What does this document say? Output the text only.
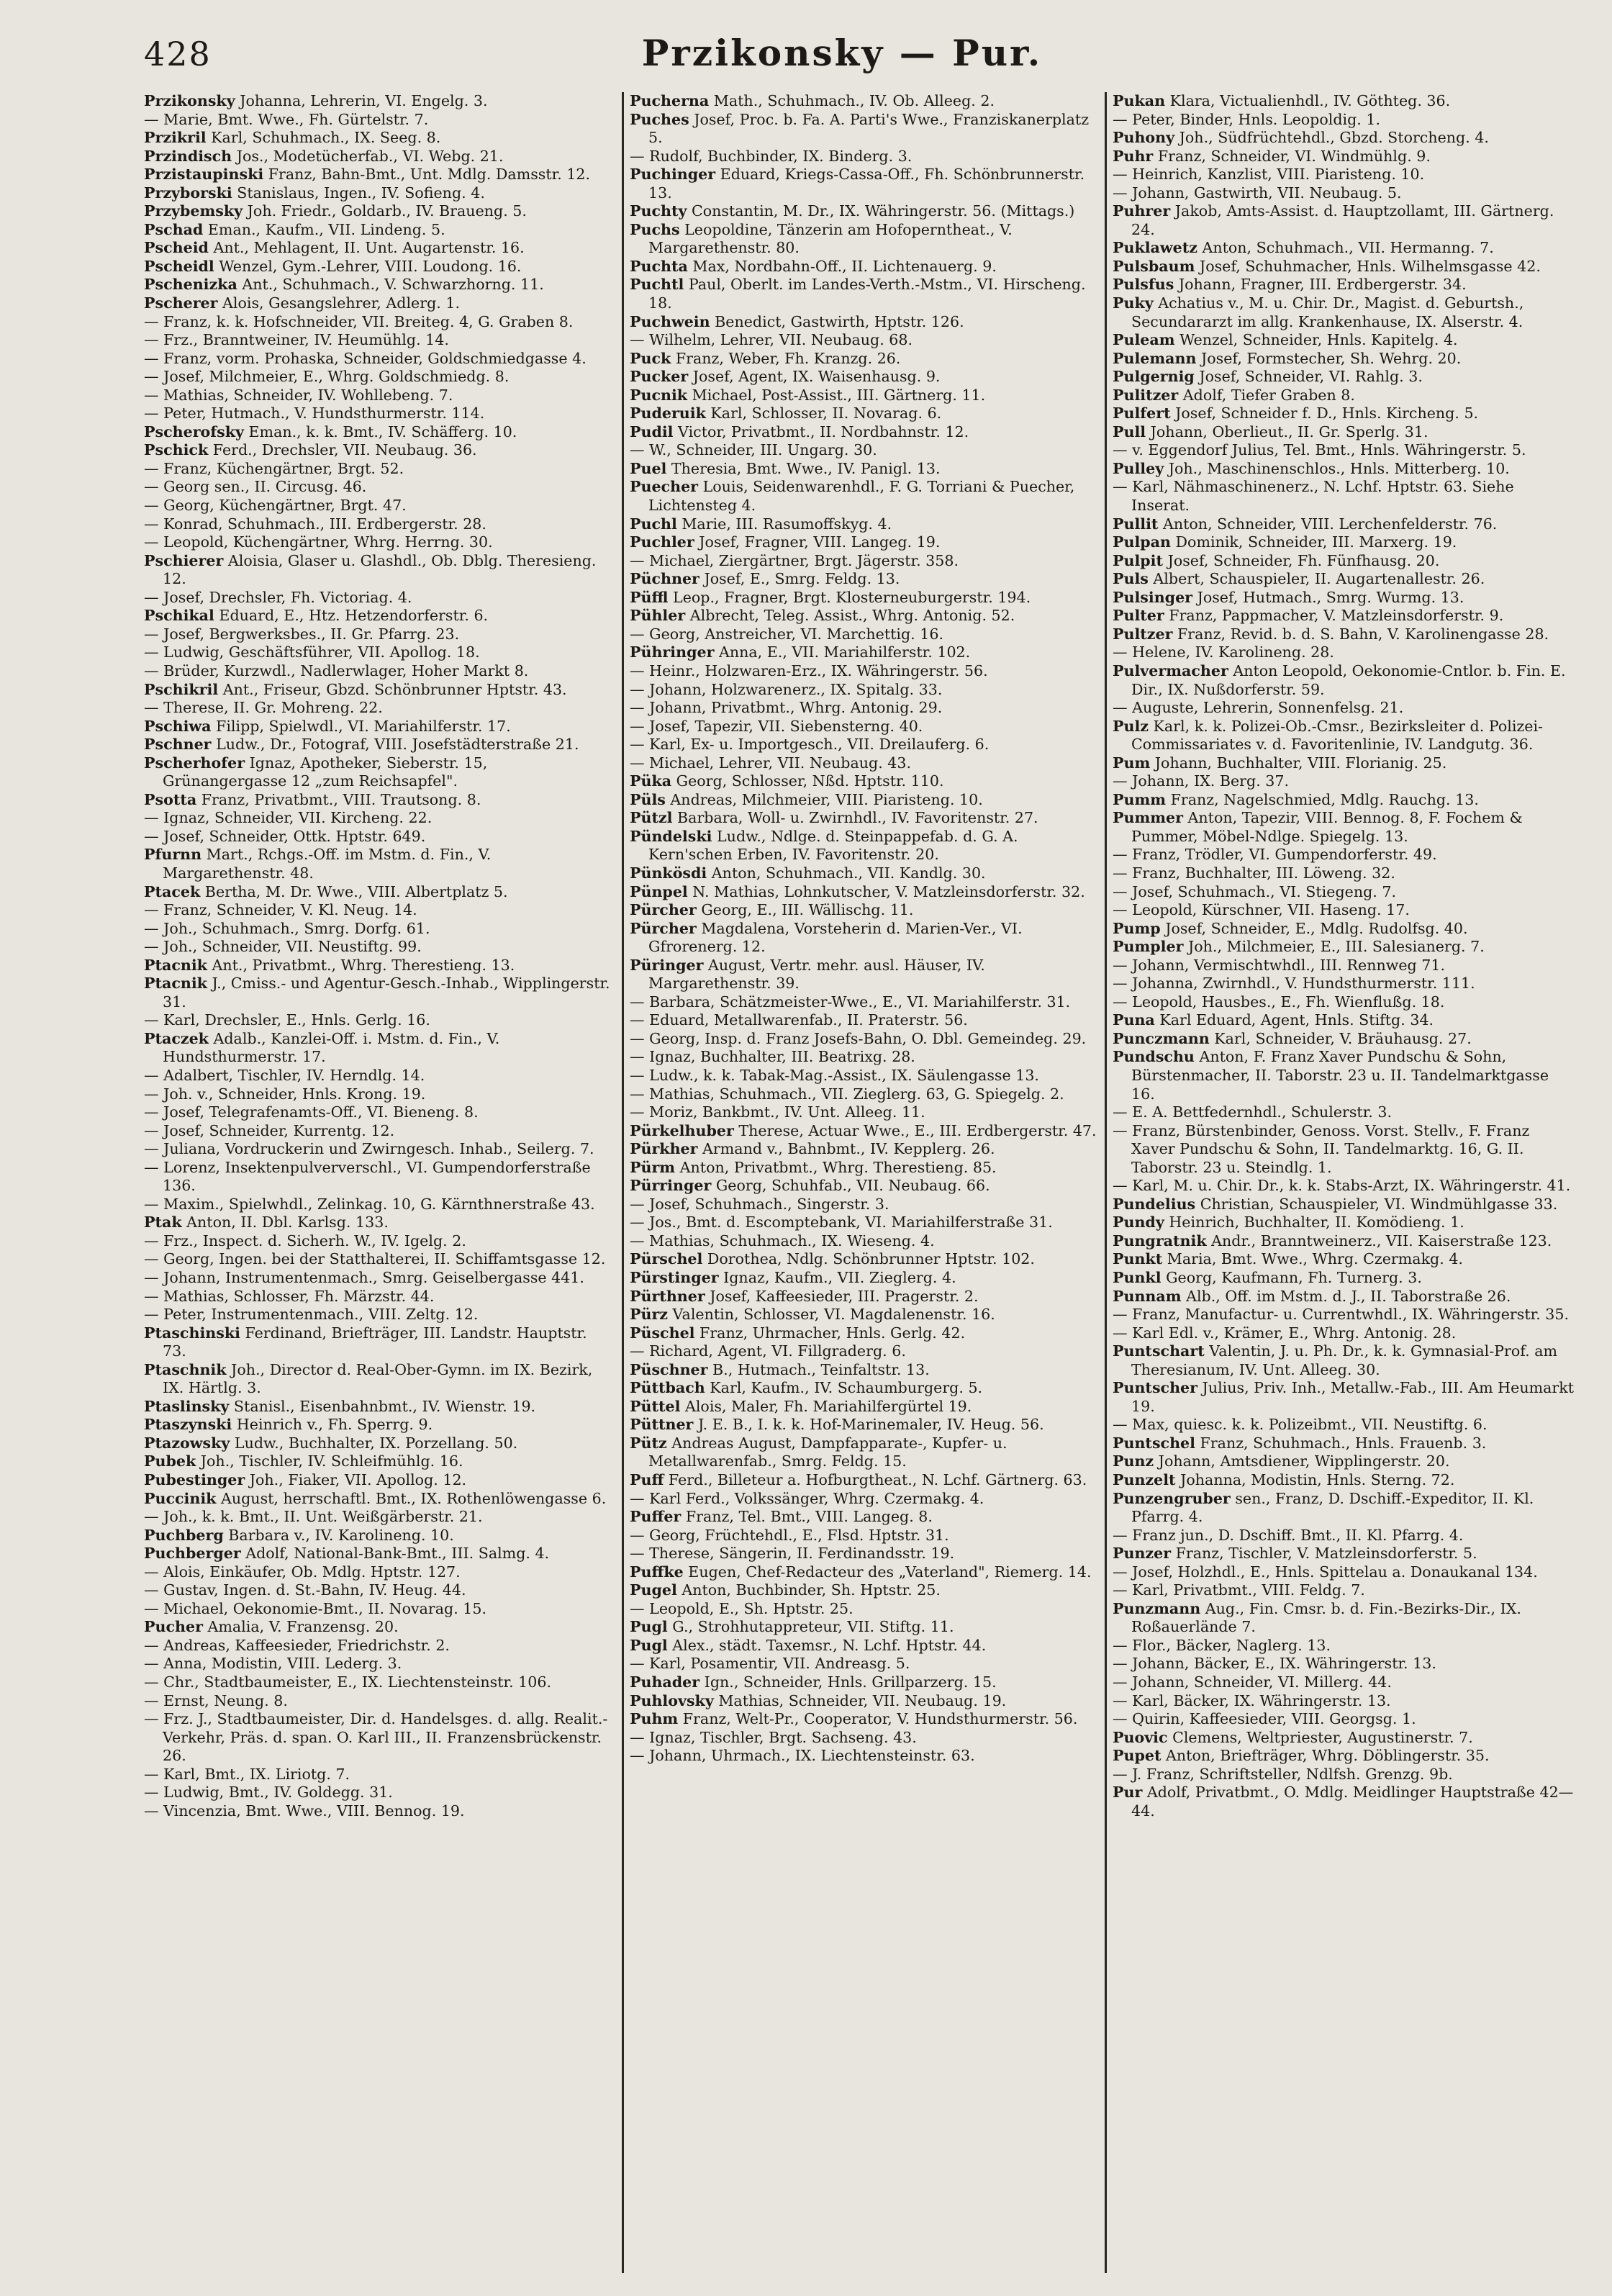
428	Przikonsky — Pur.

Przikonsky Johanna, Lehrerin, VI. Engelg. 3.

— Marie, Bmt. Wwe., Fh. Gürtelstr. 7.

Przikril Karl, Schuhmach., IX. Seeg. 8.

Przindisch Jos., Modetücherfab., VI. Webg. 21.

Przistaupinski Franz, Bahn-Bmt., Unt. Mdlg. Damsstr. 12.

Przyborski Stanislaus, Ingen., IV. Sofieng. 4.

Przybemsky Joh. Friedr., Goldarb., IV. Braueng. 5.

Pschad Eman., Kaufm., VII. Lindeng. 5.

Pscheid Ant., Mehlagent, II. Unt. Augartenstr. 16.

Pscheidl Wenzel, Gym.-Lehrer, VIII. Loudong. 16.

Pschenizka Ant., Schuhmach., V. Schwarzhorng. 11.

Pscherer Alois, Gesangslehrer, Adlerg. 1.

— Franz, k. k. Hofschneider, VII. Breiteg. 4, G. Graben 8.

— Frz., Branntweiner, IV. Heumühlg. 14.

— Franz, vorm. Prohaska, Schneider, Goldschmiedgasse 4.

— Josef, Milchmeier, E., Whrg. Goldschmiedg. 8.

— Mathias, Schneider, IV. Wohllebeng. 7.

— Peter, Hutmach., V. Hundsthurmerstr. 114.

Pscherofsky Eman., k. k. Bmt., IV. Schäfferg. 10.

Pschick Ferd., Drechsler, VII. Neubaug. 36.

— Franz, Küchengärtner, Brgt. 52.

— Georg sen., II. Circusg. 46.

— Georg, Küchengärtner, Brgt. 47.

— Konrad, Schuhmach., III. Erdbergerstr. 28.

— Leopold, Küchengärtner, Whrg. Herrng. 30.

Pschierer Aloisia, Glaser u. Glashdl., Ob. Dblg. Theresieng. 12.

— Josef, Drechsler, Fh. Victoriag. 4.

Pschikal Eduard, E., Htz. Hetzendorferstr. 6.

— Josef, Bergwerksbes., II. Gr. Pfarrg. 23.

— Ludwig, Geschäftsführer, VII. Apollog. 18.

— Brüder, Kurzwdl., Nadlerwlager, Hoher Markt 8.

Pschikril Ant., Friseur, Gbzd. Schönbrunner Hptstr. 43.

— Therese, II. Gr. Mohreng. 22.

Pschiwa Filipp, Spielwdl., VI. Mariahilferstr. 17.

Pschner Ludw., Dr., Fotograf, VIII. Josefstädterstraße 21.

Pscherhofer Ignaz, Apotheker, Sieberstr. 15, Grünangergasse 12 „zum Reichsapfel".

Psotta Franz, Privatbmt., VIII. Trautsong. 8.

— Ignaz, Schneider, VII. Kircheng. 22.

— Josef, Schneider, Ottk. Hptstr. 649.

Pfurnn Mart., Rchgs.-Off. im Mstm. d. Fin., V. Margarethenstr. 48.

Ptacek Bertha, M. Dr. Wwe., VIII. Albertplatz 5.

— Franz, Schneider, V. Kl. Neug. 14.

— Joh., Schuhmach., Smrg. Dorfg. 61.

— Joh., Schneider, VII. Neustiftg. 99.

Ptacnik Ant., Privatbmt., Whrg. Therestieng. 13.

Ptacnik J., Cmiss.- und Agentur-Gesch.-Inhab., Wipplingerstr. 31.

— Karl, Drechsler, E., Hnls. Gerlg. 16.

Ptaczek Adalb., Kanzlei-Off. i. Mstm. d. Fin., V. Hundsthurmerstr. 17.

— Adalbert, Tischler, IV. Herndlg. 14.

— Joh. v., Schneider, Hnls. Krong. 19.

— Josef, Telegrafenamts-Off., VI. Bieneng. 8.

— Josef, Schneider, Kurrentg. 12.

— Juliana, Vordruckerin und Zwirngesch. Inhab., Seilerg. 7.

— Lorenz, Insektenpulververschl., VI. Gumpendorferstraße 136.

— Maxim., Spielwhdl., Zelinkag. 10, G. Kärnthnerstraße 43.

Ptak Anton, II. Dbl. Karlsg. 133.

— Frz., Inspect. d. Sicherh. W., IV. Igelg. 2.

— Georg, Ingen. bei der Statthalterei, II. Schiffamtsgasse 12.

— Johann, Instrumentenmach., Smrg. Geiselbergasse 441.

— Mathias, Schlosser, Fh. Märzstr. 44.

— Peter, Instrumentenmach., VIII. Zeltg. 12.

Ptaschinski Ferdinand, Briefträger, III. Landstr. Hauptstr. 73.

Ptaschnik Joh., Director d. Real-Ober-Gymn. im IX. Bezirk, IX. Härtlg. 3.

Ptaslinsky Stanisl., Eisenbahnbmt., IV. Wienstr. 19.

Ptaszynski Heinrich v., Fh. Sperrg. 9.

Ptazowsky Ludw., Buchhalter, IX. Porzellang. 50.

Pubek Joh., Tischler, IV. Schleifmühlg. 16.

Pubestinger Joh., Fiaker, VII. Apollog. 12.

Puccinik August, herrschaftl. Bmt., IX. Rothenlöwengasse 6.

— Joh., k. k. Bmt., II. Unt. Weißgärberstr. 21.

Puchberg Barbara v., IV. Karolineng. 10.

Puchberger Adolf, National-Bank-Bmt., III. Salmg. 4.

— Alois, Einkäufer, Ob. Mdlg. Hptstr. 127.

— Gustav, Ingen. d. St.-Bahn, IV. Heug. 44.

— Michael, Oekonomie-Bmt., II. Novarag. 15.

Pucher Amalia, V. Franzensg. 20.

— Andreas, Kaffeesieder, Friedrichstr. 2.

— Anna, Modistin, VIII. Lederg. 3.

— Chr., Stadtbaumeister, E., IX. Liechtensteinstr. 106.

— Ernst, Neung. 8.

— Frz. J., Stadtbaumeister, Dir. d. Handelsges. d. allg. Realit.-Verkehr, Präs. d. span. O. Karl III., II. Franzensbrückenstr. 26.

— Karl, Bmt., IX. Liriotg. 7.

— Ludwig, Bmt., IV. Goldegg. 31.

— Vincenzia, Bmt. Wwe., VIII. Bennog. 19.

Pucherna Math., Schuhmach., IV. Ob. Alleeg. 2.

Puches Josef, Proc. b. Fa. A. Parti's Wwe., Franziskanerplatz 5.

— Rudolf, Buchbinder, IX. Binderg. 3.

Puchinger Eduard, Kriegs-Cassa-Off., Fh. Schönbrunnerstr. 13.

Puchty Constantin, M. Dr., IX. Währingerstr. 56. (Mittags.)

Puchs Leopoldine, Tänzerin am Hofoperntheat., V. Margarethenstr. 80.

Puchta Max, Nordbahn-Off., II. Lichtenauerg. 9.

Puchtl Paul, Oberlt. im Landes-Verth.-Mstm., VI. Hirscheng. 18.

Puchwein Benedict, Gastwirth, Hptstr. 126.

— Wilhelm, Lehrer, VII. Neubaug. 68.

Puck Franz, Weber, Fh. Kranzg. 26.

Pucker Josef, Agent, IX. Waisenhausg. 9.

Pucnik Michael, Post-Assist., III. Gärtnerg. 11.

Puderuik Karl, Schlosser, II. Novarag. 6.

Pudil Victor, Privatbmt., II. Nordbahnstr. 12.

— W., Schneider, III. Ungarg. 30.

Puel Theresia, Bmt. Wwe., IV. Panigl. 13.

Puecher Louis, Seidenwarenhdl., F. G. Torriani & Puecher, Lichtensteg 4.

Puchl Marie, III. Rasumoffskyg. 4.

Puchler Josef, Fragner, VIII. Langeg. 19.

— Michael, Ziergärtner, Brgt. Jägerstr. 358.

Püchner Josef, E., Smrg. Feldg. 13.

Püffl Leop., Fragner, Brgt. Klosterneuburgerstr. 194.

Pühler Albrecht, Teleg. Assist., Whrg. Antonig. 52.

— Georg, Anstreicher, VI. Marchettig. 16.

Pühringer Anna, E., VII. Mariahilferstr. 102.

— Heinr., Holzwaren-Erz., IX. Währingerstr. 56.

— Johann, Holzwarenerz., IX. Spitalg. 33.

— Johann, Privatbmt., Whrg. Antonig. 29.

— Josef, Tapezir, VII. Siebensterng. 40.

— Karl, Ex- u. Importgesch., VII. Dreilauferg. 6.

— Michael, Lehrer, VII. Neubaug. 43.

Püka Georg, Schlosser, Nßd. Hptstr. 110.

Püls Andreas, Milchmeier, VIII. Piaristeng. 10.

Pützl Barbara, Woll- u. Zwirnhdl., IV. Favoritenstr. 27.

Pündelski Ludw., Ndlge. d. Steinpappefab. d. G. A. Kern'schen Erben, IV. Favoritenstr. 20.

Pünkösdi Anton, Schuhmach., VII. Kandlg. 30.

Pünpel N. Mathias, Lohnkutscher, V. Matzleinsdorferstr. 32.

Pürcher Georg, E., III. Wällischg. 11.

Pürcher Magdalena, Vorsteherin d. Marien-Ver., VI. Gfrorenerg. 12.

Püringer August, Vertr. mehr. ausl. Häuser, IV. Margarethenstr. 39.

— Barbara, Schätzmeister-Wwe., E., VI. Mariahilferstr. 31.

— Eduard, Metallwarenfab., II. Praterstr. 56.

— Georg, Insp. d. Franz Josefs-Bahn, O. Dbl. Gemeindeg. 29.

— Ignaz, Buchhalter, III. Beatrixg. 28.

— Ludw., k. k. Tabak-Mag.-Assist., IX. Säulengasse 13.

— Mathias, Schuhmach., VII. Zieglerg. 63, G. Spiegelg. 2.

— Moriz, Bankbmt., IV. Unt. Alleeg. 11.

Pürkelhuber Therese, Actuar Wwe., E., III. Erdbergerstr. 47.

Pürkher Armand v., Bahnbmt., IV. Kepplerg. 26.

Pürm Anton, Privatbmt., Whrg. Therestieng. 85.

Pürringer Georg, Schuhfab., VII. Neubaug. 66.

— Josef, Schuhmach., Singerstr. 3.

— Jos., Bmt. d. Escomptebank, VI. Mariahilferstraße 31.

— Mathias, Schuhmach., IX. Wieseng. 4.

Pürschel Dorothea, Ndlg. Schönbrunner Hptstr. 102.

Pürstinger Ignaz, Kaufm., VII. Zieglerg. 4.

Pürthner Josef, Kaffeesieder, III. Pragerstr. 2.

Pürz Valentin, Schlosser, VI. Magdalenenstr. 16.

Püschel Franz, Uhrmacher, Hnls. Gerlg. 42.

— Richard, Agent, VI. Fillgraderg. 6.

Püschner B., Hutmach., Teinfaltstr. 13.

Püttbach Karl, Kaufm., IV. Schaumburgerg. 5.

Püttel Alois, Maler, Fh. Mariahilfergürtel 19.

Püttner J. E. B., I. k. k. Hof-Marinemaler, IV. Heug. 56.

Pütz Andreas August, Dampfapparate-, Kupfer- u. Metallwarenfab., Smrg. Feldg. 15.

Puff Ferd., Billeteur a. Hofburgtheat., N. Lchf. Gärtnerg. 63.

— Karl Ferd., Volkssänger, Whrg. Czermakg. 4.

Puffer Franz, Tel. Bmt., VIII. Langeg. 8.

— Georg, Früchtehdl., E., Flsd. Hptstr. 31.

— Therese, Sängerin, II. Ferdinandsstr. 19.

Puffke Eugen, Chef-Redacteur des „Vaterland", Riemerg. 14.

Pugel Anton, Buchbinder, Sh. Hptstr. 25.

— Leopold, E., Sh. Hptstr. 25.

Pugl G., Strohhutappreteur, VII. Stiftg. 11.

Pugl Alex., städt. Taxemsr., N. Lchf. Hptstr. 44.

— Karl, Posamentir, VII. Andreasg. 5.

Puhader Ign., Schneider, Hnls. Grillparzerg. 15.

Puhlovsky Mathias, Schneider, VII. Neubaug. 19.

Puhm Franz, Welt-Pr., Cooperator, V. Hundsthurmerstr. 56.

— Ignaz, Tischler, Brgt. Sachseng. 43.

— Johann, Uhrmach., IX. Liechtensteinstr. 63.

Pukan Klara, Victualienhdl., IV. Göthteg. 36.

— Peter, Binder, Hnls. Leopoldig. 1.

Puhony Joh., Südfrüchtehdl., Gbzd. Storcheng. 4.

Puhr Franz, Schneider, VI. Windmühlg. 9.

— Heinrich, Kanzlist, VIII. Piaristeng. 10.

— Johann, Gastwirth, VII. Neubaug. 5.

Puhrer Jakob, Amts-Assist. d. Hauptzollamt, III. Gärtnerg. 24.

Puklawetz Anton, Schuhmach., VII. Hermanng. 7.

Pulsbaum Josef, Schuhmacher, Hnls. Wilhelmsgasse 42.

Pulsfus Johann, Fragner, III. Erdbergerstr. 34.

Puky Achatius v., M. u. Chir. Dr., Magist. d. Geburtsh., Secundararzt im allg. Krankenhause, IX. Alserstr. 4.

Puleam Wenzel, Schneider, Hnls. Kapitelg. 4.

Pulemann Josef, Formstecher, Sh. Wehrg. 20.

Pulgernig Josef, Schneider, VI. Rahlg. 3.

Pulitzer Adolf, Tiefer Graben 8.

Pulfert Josef, Schneider f. D., Hnls. Kircheng. 5.

Pull Johann, Oberlieut., II. Gr. Sperlg. 31.

— v. Eggendorf Julius, Tel. Bmt., Hnls. Währingerstr. 5.

Pulley Joh., Maschinenschlos., Hnls. Mitterberg. 10.

— Karl, Nähmaschinenerz., N. Lchf. Hptstr. 63. Siehe Inserat.

Pullit Anton, Schneider, VIII. Lerchenfelderstr. 76.

Pulpan Dominik, Schneider, III. Marxerg. 19.

Pulpit Josef, Schneider, Fh. Fünfhausg. 20.

Puls Albert, Schauspieler, II. Augartenallestr. 26.

Pulsinger Josef, Hutmach., Smrg. Wurmg. 13.

Pulter Franz, Pappmacher, V. Matzleinsdorferstr. 9.

Pultzer Franz, Revid. b. d. S. Bahn, V. Karolinengasse 28.

— Helene, IV. Karolineng. 28.

Pulvermacher Anton Leopold, Oekonomie-Cntlor. b. Fin. E. Dir., IX. Nußdorferstr. 59.

— Auguste, Lehrerin, Sonnenfelsg. 21.

Pulz Karl, k. k. Polizei-Ob.-Cmsr., Bezirksleiter d. Polizei-Commissariates v. d. Favoritenlinie, IV. Landgutg. 36.

Pum Johann, Buchhalter, VIII. Florianig. 25.

— Johann, IX. Berg. 37.

Pumm Franz, Nagelschmied, Mdlg. Rauchg. 13.

Pummer Anton, Tapezir, VIII. Bennog. 8, F. Fochem & Pummer, Möbel-Ndlge. Spiegelg. 13.

— Franz, Trödler, VI. Gumpendorferstr. 49.

— Franz, Buchhalter, III. Löweng. 32.

— Josef, Schuhmach., VI. Stiegeng. 7.

— Leopold, Kürschner, VII. Haseng. 17.

Pump Josef, Schneider, E., Mdlg. Rudolfsg. 40.

Pumpler Joh., Milchmeier, E., III. Salesianerg. 7.

— Johann, Vermischtwhdl., III. Rennweg 71.

— Johanna, Zwirnhdl., V. Hundsthurmerstr. 111.

— Leopold, Hausbes., E., Fh. Wienflußg. 18.

Puna Karl Eduard, Agent, Hnls. Stiftg. 34.

Punczmann Karl, Schneider, V. Bräuhausg. 27.

Pundschu Anton, F. Franz Xaver Pundschu & Sohn, Bürstenmacher, II. Taborstr. 23 u. II. Tandelmarktgasse 16.

— E. A. Bettfedernhdl., Schulerstr. 3.

— Franz, Bürstenbinder, Genoss. Vorst. Stellv., F. Franz Xaver Pundschu & Sohn, II. Tandelmarktg. 16, G. II. Taborstr. 23 u. Steindlg. 1.

— Karl, M. u. Chir. Dr., k. k. Stabs-Arzt, IX. Währingerstr. 41.

Pundelius Christian, Schauspieler, VI. Windmühlgasse 33.

Pundy Heinrich, Buchhalter, II. Komödieng. 1.

Pungratnik Andr., Branntweinerz., VII. Kaiserstraße 123.

Punkt Maria, Bmt. Wwe., Whrg. Czermakg. 4.

Punkl Georg, Kaufmann, Fh. Turnerg. 3.

Punnam Alb., Off. im Mstm. d. J., II. Taborstraße 26.

— Franz, Manufactur- u. Currentwhdl., IX. Währingerstr. 35.

— Karl Edl. v., Krämer, E., Whrg. Antonig. 28.

Puntschart Valentin, J. u. Ph. Dr., k. k. Gymnasial-Prof. am Theresianum, IV. Unt. Alleeg. 30.

Puntscher Julius, Priv. Inh., Metallw.-Fab., III. Am Heumarkt 19.

— Max, quiesc. k. k. Polizeibmt., VII. Neustiftg. 6.

Puntschel Franz, Schuhmach., Hnls. Frauenb. 3.

Punz Johann, Amtsdiener, Wipplingerstr. 20.

Punzelt Johanna, Modistin, Hnls. Sterng. 72.

Punzengruber sen., Franz, D. Dschiff.-Expeditor, II. Kl. Pfarrg. 4.

— Franz jun., D. Dschiff. Bmt., II. Kl. Pfarrg. 4.

Punzer Franz, Tischler, V. Matzleinsdorferstr. 5.

— Josef, Holzhdl., E., Hnls. Spittelau a. Donaukanal 134.

— Karl, Privatbmt., VIII. Feldg. 7.

Punzmann Aug., Fin. Cmsr. b. d. Fin.-Bezirks-Dir., IX. Roßauerlände 7.

— Flor., Bäcker, Naglerg. 13.

— Johann, Bäcker, E., IX. Währingerstr. 13.

— Johann, Schneider, VI. Millerg. 44.

— Karl, Bäcker, IX. Währingerstr. 13.

— Quirin, Kaffeesieder, VIII. Georgsg. 1.

Puovic Clemens, Weltpriester, Augustinerstr. 7.

Pupet Anton, Briefträger, Whrg. Döblingerstr. 35.

— J. Franz, Schriftsteller, Ndlfsh. Grenzg. 9b.

Pur Adolf, Privatbmt., O. Mdlg. Meidlinger Hauptstraße 42—44.
